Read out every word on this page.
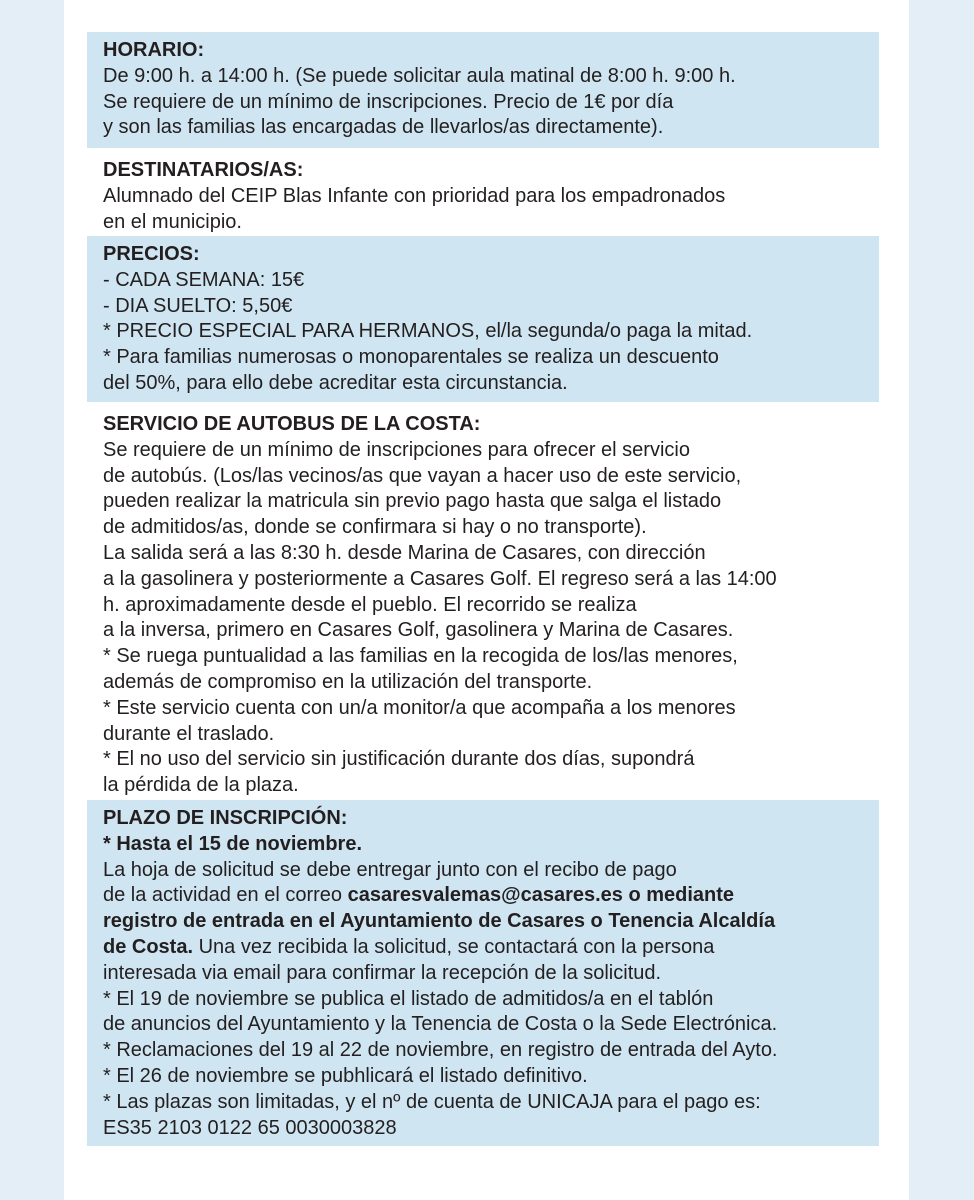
HORARIO:
De 9:00 h. a 14:00 h. (Se puede solicitar aula matinal de 8:00 h. 9:00 h.
Se requiere de un mínimo de inscripciones. Precio de 1€ por día
y son las familias las encargadas de llevarlos/as directamente).
DESTINATARIOS/AS:
Alumnado del CEIP Blas Infante con prioridad para los empadronados
en el municipio.
PRECIOS:
- CADA SEMANA: 15€
- DIA SUELTO: 5,50€
* PRECIO ESPECIAL PARA HERMANOS, el/la segunda/o paga la mitad.
* Para familias numerosas o monoparentales se realiza un descuento
del 50%, para ello debe acreditar esta circunstancia.
SERVICIO DE AUTOBUS DE LA COSTA:
Se requiere de un mínimo de inscripciones para ofrecer el servicio
de autobús. (Los/las vecinos/as que vayan a hacer uso de este servicio,
pueden realizar la matricula sin previo pago hasta que salga el listado
de admitidos/as, donde se confirmara si hay o no transporte).
La salida será a las 8:30 h. desde Marina de Casares, con dirección
a la gasolinera y posteriormente a Casares Golf. El regreso será a las 14:00
h. aproximadamente desde el pueblo. El recorrido se realiza
a la inversa, primero en Casares Golf, gasolinera y Marina de Casares.
* Se ruega puntualidad a las familias en la recogida de los/las menores,
además de compromiso en la utilización del transporte.
* Este servicio cuenta con un/a monitor/a que acompaña a los menores
durante el traslado.
* El no uso del servicio sin justificación durante dos días, supondrá
la pérdida de la plaza.
PLAZO DE INSCRIPCIÓN:
* Hasta el 15 de noviembre.
La hoja de solicitud se debe entregar junto con el recibo de pago
de la actividad en el correo casaresvalemas@casares.es o mediante
registro de entrada en el Ayuntamiento de Casares o Tenencia Alcaldía
de Costa. Una vez recibida la solicitud, se contactará con la persona
interesada via email para confirmar la recepción de la solicitud.
* El 19 de noviembre se publica el listado de admitidos/a en el tablón
de anuncios del Ayuntamiento y la Tenencia de Costa o la Sede Electrónica.
* Reclamaciones del 19 al 22 de noviembre, en registro de entrada del Ayto.
* El 26 de noviembre se pubhlicará el listado definitivo.
* Las plazas son limitadas, y el nº de cuenta de UNICAJA para el pago es:
ES35 2103 0122 65 0030003828
